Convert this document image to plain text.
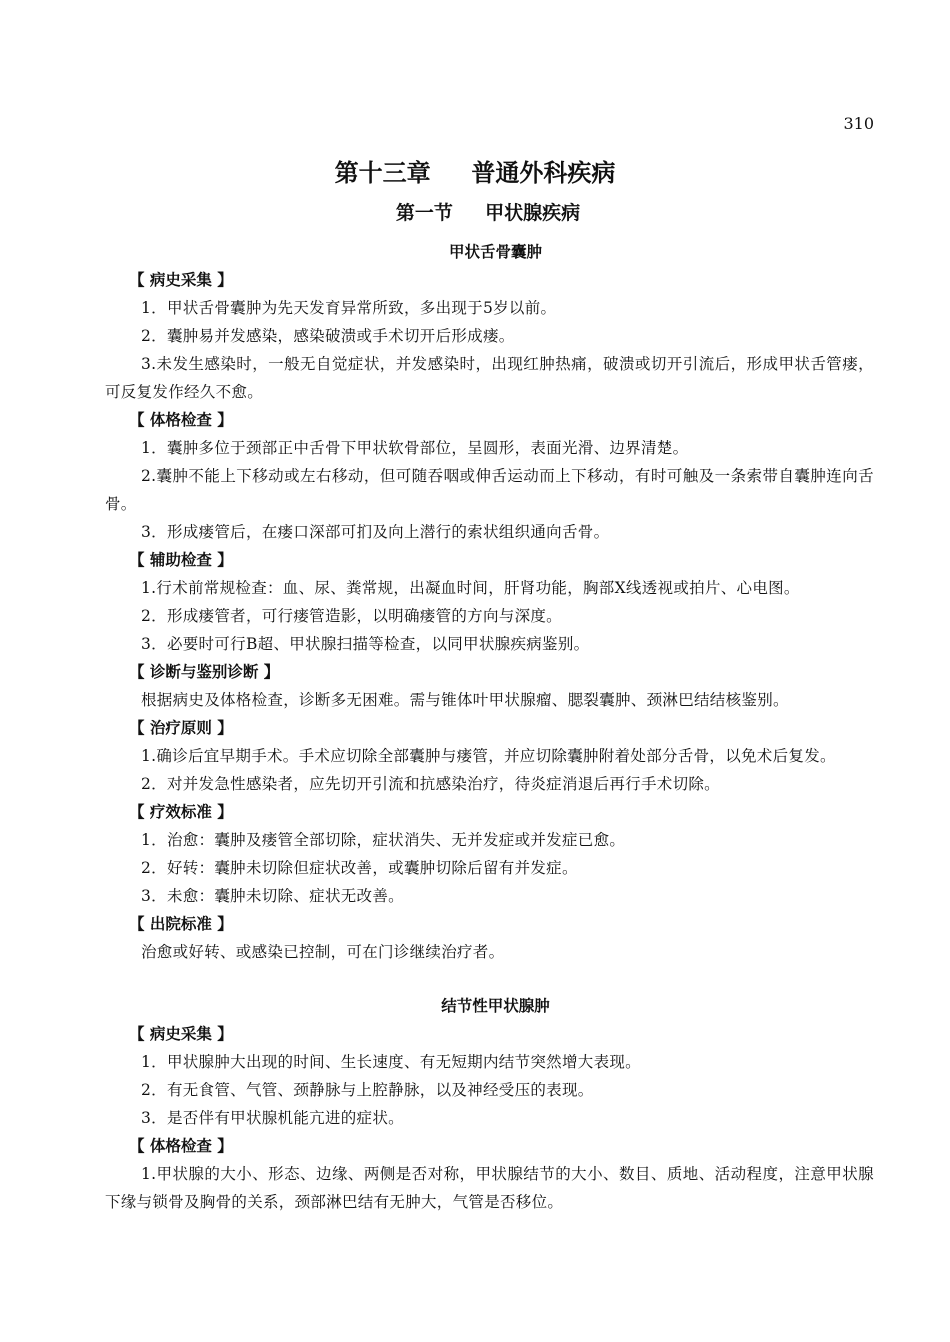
310
第十三章　  普通外科疾病
第一节　  甲状腺疾病
甲状舌骨囊肿
【 病史采集 】

1．甲状舌骨囊肿为先天发育异常所致，多出现于5岁以前。

2．囊肿易并发感染，感染破溃或手术切开后形成瘘。

3.未发生感染时，一般无自觉症状，并发感染时，出现红肿热痛，破溃或切开引流后，形成甲状舌管瘘，可反复发作经久不愈。

【 体格检查 】

1．囊肿多位于颈部正中舌骨下甲状软骨部位，呈圆形，表面光滑、边界清楚。

2.囊肿不能上下移动或左右移动，但可随吞咽或伸舌运动而上下移动，有时可触及一条索带自囊肿连向舌骨。

3．形成瘘管后，在瘘口深部可扪及向上潜行的索状组织通向舌骨。

【 辅助检查 】

1.行术前常规检查：血、尿、粪常规，出凝血时间，肝肾功能，胸部X线透视或拍片、心电图。

2．形成瘘管者，可行瘘管造影，以明确瘘管的方向与深度。

3．必要时可行B超、甲状腺扫描等检查，以同甲状腺疾病鉴别。

【 诊断与鉴别诊断 】

根据病史及体格检查，诊断多无困难。需与锥体叶甲状腺瘤、腮裂囊肿、颈淋巴结结核鉴别。

【 治疗原则 】

1.确诊后宜早期手术。手术应切除全部囊肿与瘘管，并应切除囊肿附着处部分舌骨，以免术后复发。

2．对并发急性感染者，应先切开引流和抗感染治疗，待炎症消退后再行手术切除。

【 疗效标准 】

1．治愈：囊肿及瘘管全部切除，症状消失、无并发症或并发症已愈。

2．好转：囊肿未切除但症状改善，或囊肿切除后留有并发症。

3．未愈：囊肿未切除、症状无改善。

【 出院标准 】

治愈或好转、或感染已控制，可在门诊继续治疗者。

结节性甲状腺肿
【 病史采集 】

1．甲状腺肿大出现的时间、生长速度、有无短期内结节突然增大表现。

2．有无食管、气管、颈静脉与上腔静脉，以及神经受压的表现。

3．是否伴有甲状腺机能亢进的症状。

【 体格检查 】

1.甲状腺的大小、形态、边缘、两侧是否对称，甲状腺结节的大小、数目、质地、活动程度，注意甲状腺下缘与锁骨及胸骨的关系，颈部淋巴结有无肿大，气管是否移位。
